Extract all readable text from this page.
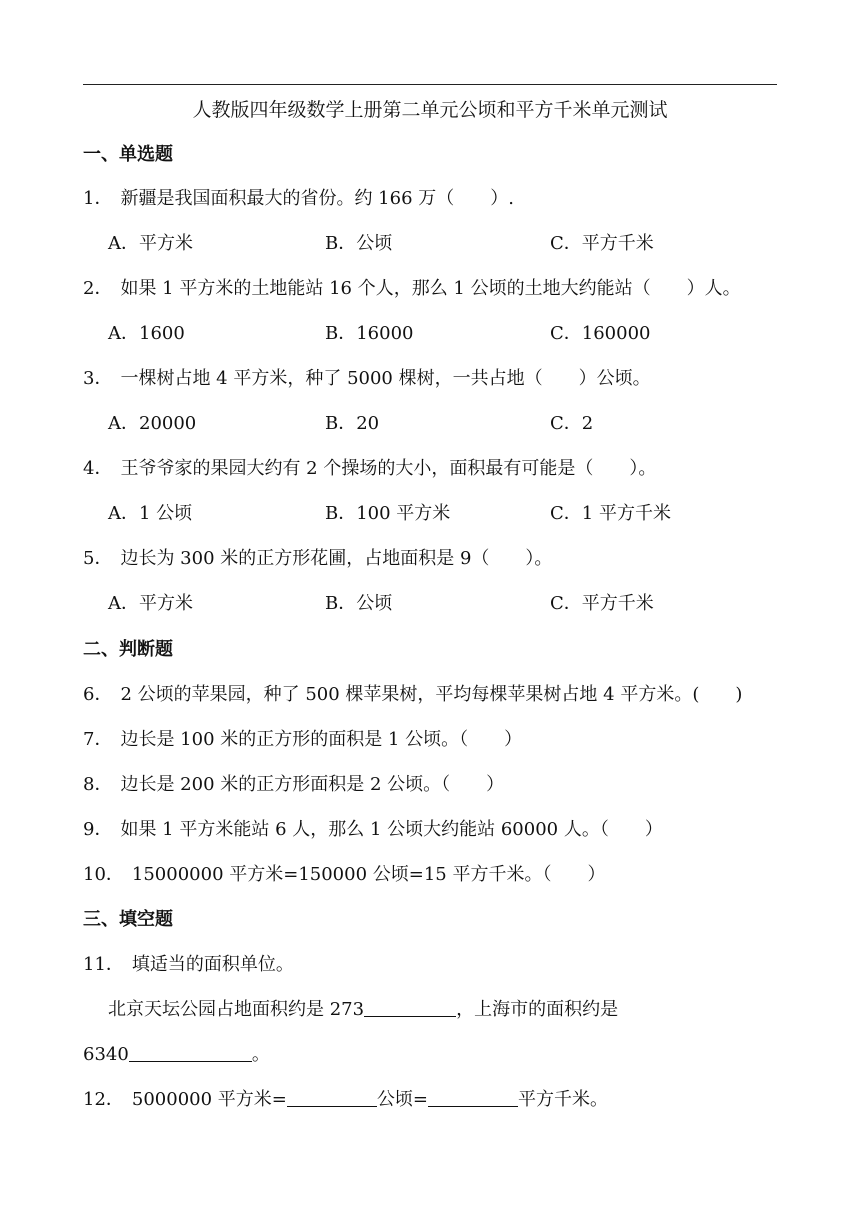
人教版四年级数学上册第二单元公顷和平方千米单元测试
一、单选题
1． 新疆是我国面积最大的省份。约 166 万（　　）.
A．平方米	B．公顷	C．平方千米
2． 如果 1 平方米的土地能站 16 个人，那么 1 公顷的土地大约能站（　　）人。
A．1600	B．16000	C．160000
3． 一棵树占地 4 平方米，种了 5000 棵树，一共占地（　　）公顷。
A．20000	B．20	C．2
4． 王爷爷家的果园大约有 2 个操场的大小，面积最有可能是（　　）。
A．1 公顷	B．100 平方米	C．1 平方千米
5． 边长为 300 米的正方形花圃，占地面积是 9（　　）。
A．平方米	B．公顷	C．平方千米
二、判断题
6． 2 公顷的苹果园，种了 500 棵苹果树，平均每棵苹果树占地 4 平方米。(　　)
7． 边长是 100 米的正方形的面积是 1 公顷。（　　）
8． 边长是 200 米的正方形面积是 2 公顷。（　　）
9． 如果 1 平方米能站 6 人，那么 1 公顷大约能站 60000 人。（　　）
10． 15000000 平方米=150000 公顷=15 平方千米。（　　）
三、填空题
11． 填适当的面积单位。
北京天坛公园占地面积约是 273	，上海市的面积约是
6340	。
12． 5000000 平方米=	公顷=	平方千米。
